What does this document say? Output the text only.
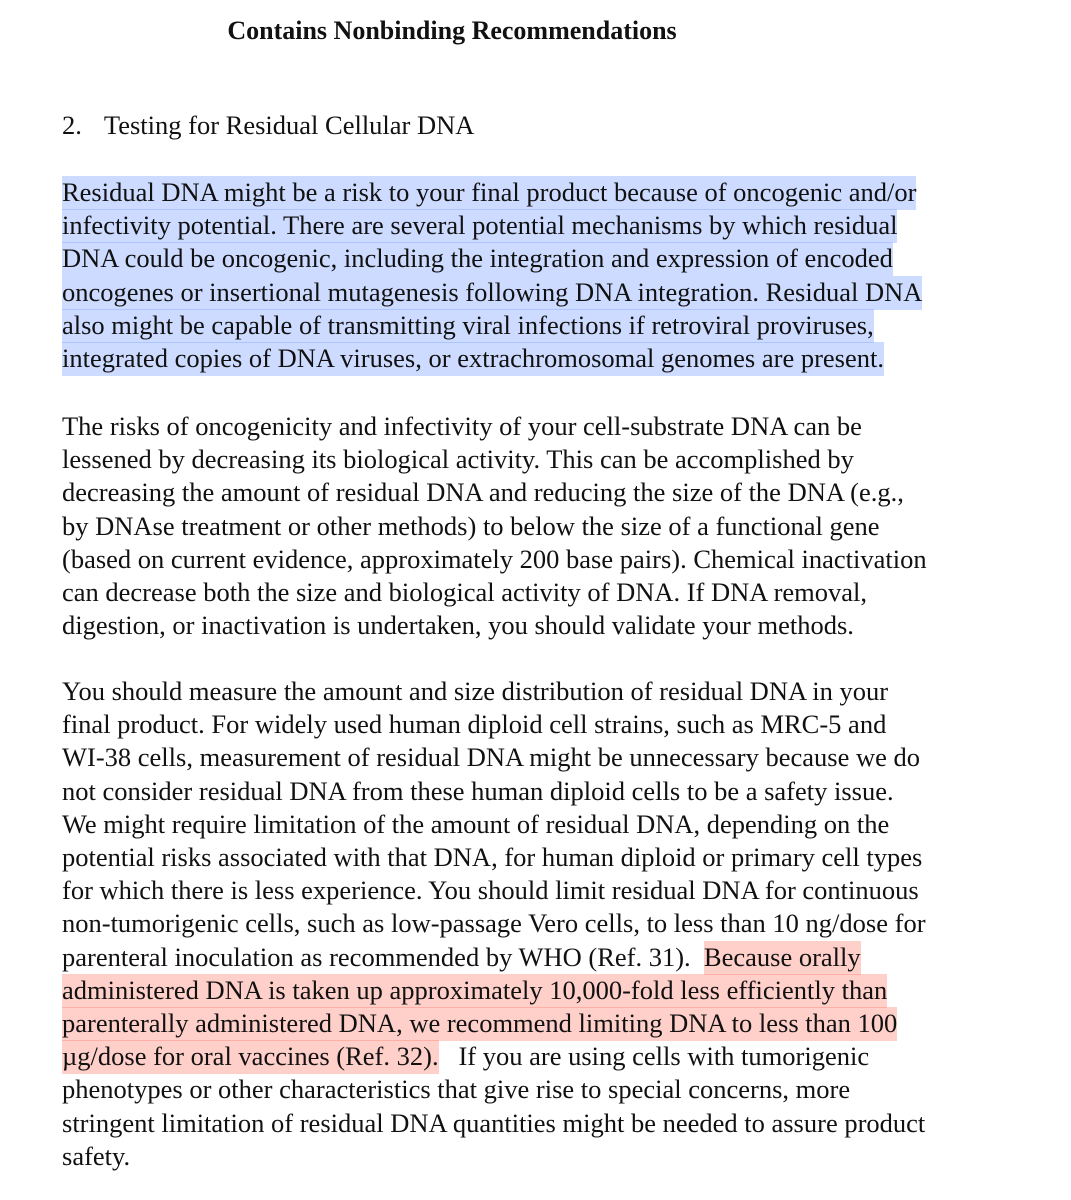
Contains Nonbinding Recommendations
2. Testing for Residual Cellular DNA
Residual DNA might be a risk to your final product because of oncogenic and/or
infectivity potential. There are several potential mechanisms by which residual
DNA could be oncogenic, including the integration and expression of encoded
oncogenes or insertional mutagenesis following DNA integration. Residual DNA
also might be capable of transmitting viral infections if retroviral proviruses,
integrated copies of DNA viruses, or extrachromosomal genomes are present.
The risks of oncogenicity and infectivity of your cell-substrate DNA can be
lessened by decreasing its biological activity. This can be accomplished by
decreasing the amount of residual DNA and reducing the size of the DNA (e.g.,
by DNAse treatment or other methods) to below the size of a functional gene
(based on current evidence, approximately 200 base pairs). Chemical inactivation
can decrease both the size and biological activity of DNA. If DNA removal,
digestion, or inactivation is undertaken, you should validate your methods.
You should measure the amount and size distribution of residual DNA in your
final product. For widely used human diploid cell strains, such as MRC-5 and
WI-38 cells, measurement of residual DNA might be unnecessary because we do
not consider residual DNA from these human diploid cells to be a safety issue.
We might require limitation of the amount of residual DNA, depending on the
potential risks associated with that DNA, for human diploid or primary cell types
for which there is less experience. You should limit residual DNA for continuous
non-tumorigenic cells, such as low-passage Vero cells, to less than 10 ng/dose for
parenteral inoculation as recommended by WHO (Ref. 31).  Because orally
administered DNA is taken up approximately 10,000-fold less efficiently than
parenterally administered DNA, we recommend limiting DNA to less than 100
µg/dose for oral vaccines (Ref. 32).   If you are using cells with tumorigenic
phenotypes or other characteristics that give rise to special concerns, more
stringent limitation of residual DNA quantities might be needed to assure product
safety.
